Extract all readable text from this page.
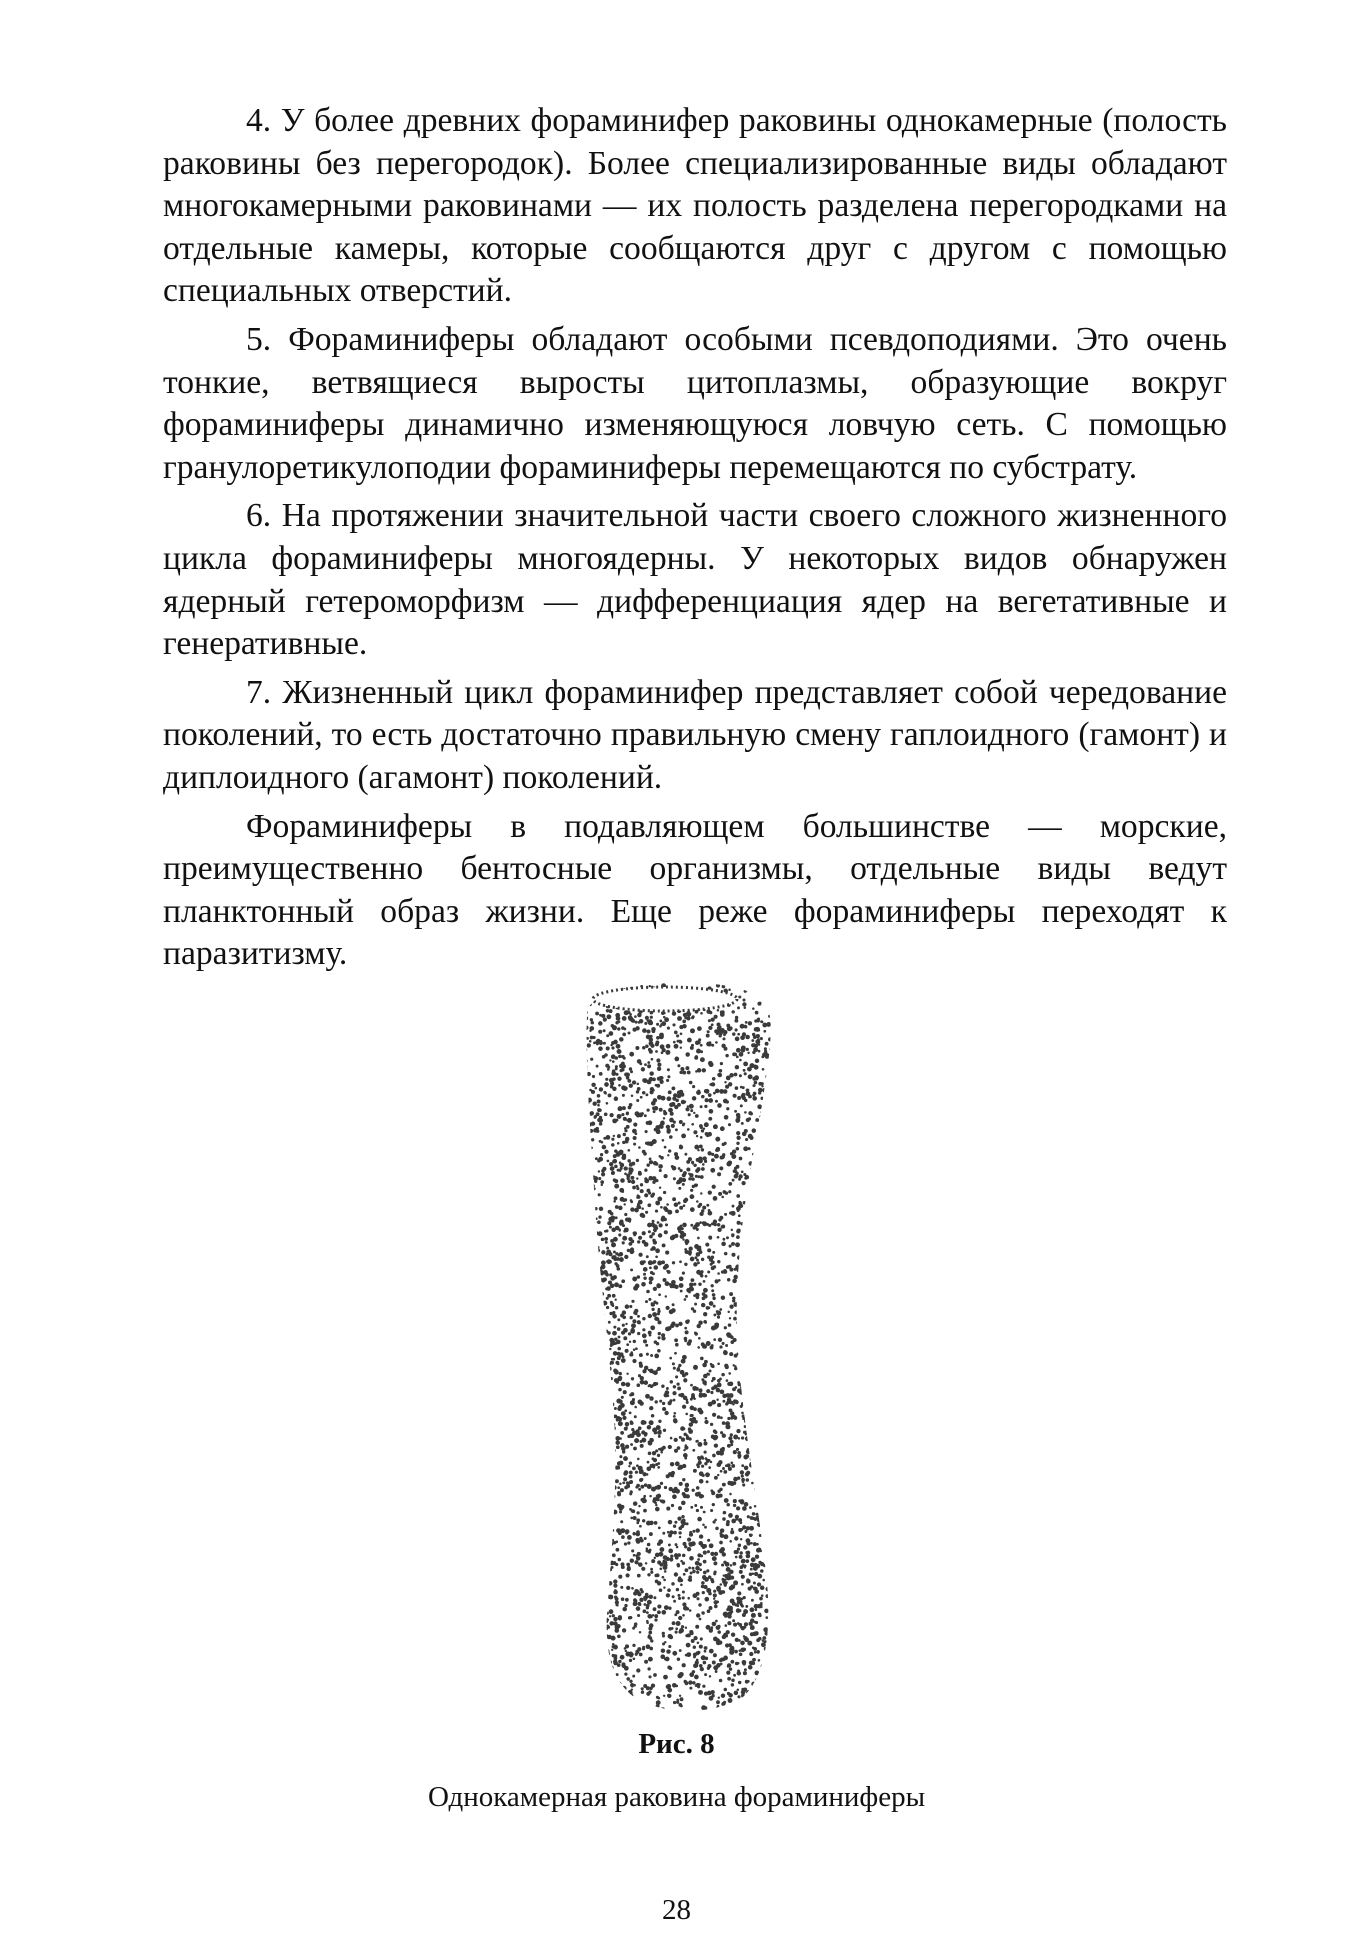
4. У более древних фораминифер раковины однокамерные (полость раковины без перегородок). Более специализированные виды обладают многокамерными раковинами — их полость разделена перегородками на отдельные камеры, которые сообщаются друг с другом с помощью специальных отверстий.

5. Фораминиферы обладают особыми псевдоподиями. Это очень тонкие, ветвящиеся выросты цитоплазмы, образующие вокруг фораминиферы динамично изменяющуюся ловчую сеть. С помощью гранулоретикулоподии фораминиферы перемещаются по субстрату.

6. На протяжении значительной части своего сложного жизненного цикла фораминиферы многоядерны. У некоторых видов обнаружен ядерный гетероморфизм — дифференциация ядер на вегетативные и генеративные.

7. Жизненный цикл фораминифер представляет собой чередование поколений, то есть достаточно правильную смену гаплоидного (гамонт) и диплоидного (агамонт) поколений.

Фораминиферы в подавляющем большинстве — морские, преимущественно бентосные организмы, отдельные виды ведут планктонный образ жизни. Еще реже фораминиферы переходят к паразитизму.

Рис. 8
Однокамерная раковина фораминиферы
28
